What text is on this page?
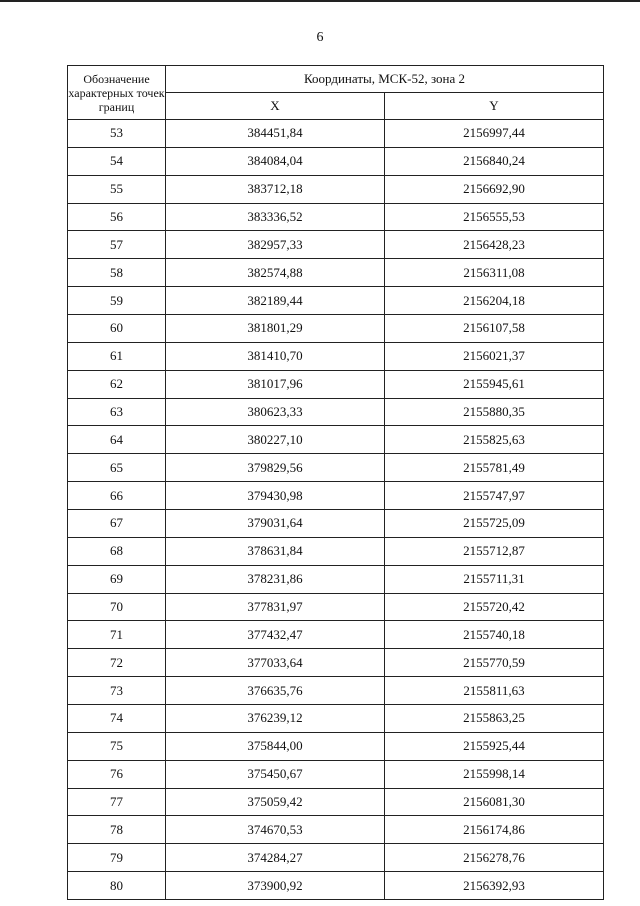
6
Обозначение характерных точек границ	Координаты, МСК-52, зона 2	
	X	Y
53	384451,84	2156997,44
54	384084,04	2156840,24
55	383712,18	2156692,90
56	383336,52	2156555,53
57	382957,33	2156428,23
58	382574,88	2156311,08
59	382189,44	2156204,18
60	381801,29	2156107,58
61	381410,70	2156021,37
62	381017,96	2155945,61
63	380623,33	2155880,35
64	380227,10	2155825,63
65	379829,56	2155781,49
66	379430,98	2155747,97
67	379031,64	2155725,09
68	378631,84	2155712,87
69	378231,86	2155711,31
70	377831,97	2155720,42
71	377432,47	2155740,18
72	377033,64	2155770,59
73	376635,76	2155811,63
74	376239,12	2155863,25
75	375844,00	2155925,44
76	375450,67	2155998,14
77	375059,42	2156081,30
78	374670,53	2156174,86
79	374284,27	2156278,76
80	373900,92	2156392,93
